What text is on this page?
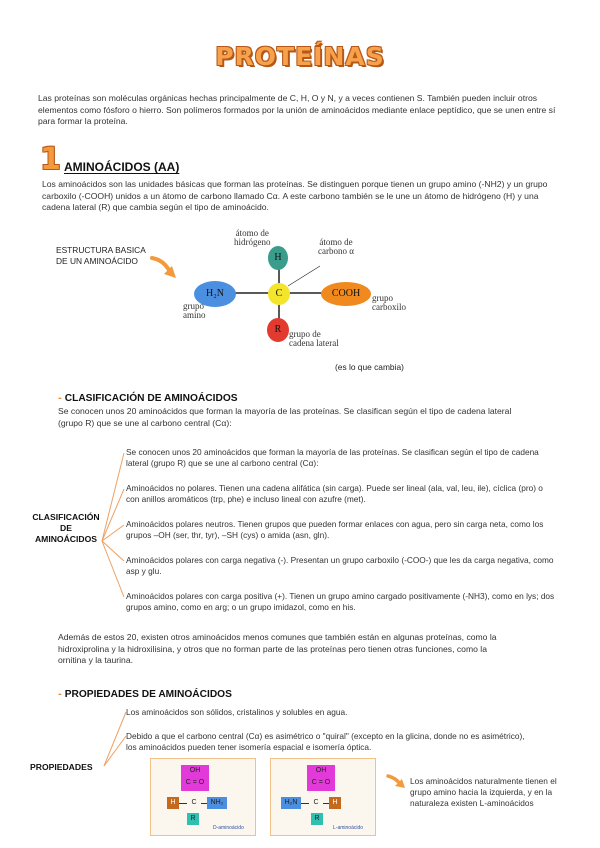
PROTEÍNAS
Las proteínas son moléculas orgánicas hechas principalmente de C, H, O y N, y a veces contienen S. También pueden incluir otros elementos como fósforo o hierro. Son polímeros formados por la unión de aminoácidos mediante enlace peptídico, que se unen entre sí para formar la proteína.
1 AMINOÁCIDOS (AA)
Los aminoácidos son las unidades básicas que forman las proteínas. Se distinguen porque tienen un grupo amino (-NH2) y un grupo carboxilo (-COOH) unidos a un átomo de carbono llamado Cα. A este carbono también se le une un átomo de hidrógeno (H) y una cadena lateral (R) que cambia según el tipo de aminoácido.
ESTRUCTURA BASICA
DE UN AMINOÁCIDO	H
C
H₂N	COOH
R
átomo de
hidrógeno	átomo de
carbono α
grupo
amino
grupo
carboxilo
grupo de
cadena lateral
(es lo que cambia)
- CLASIFICACIÓN DE AMINOÁCIDOS
Se conocen unos 20 aminoácidos que forman la mayoría de las proteínas. Se clasifican según el tipo de cadena lateral (grupo R) que se une al carbono central (Cα):
CLASIFICACIÓN
DE
AMINOÁCIDOS
Se conocen unos 20 aminoácidos que forman la mayoría de las proteínas. Se clasifican según el tipo de cadena lateral (grupo R) que se une al carbono central (Cα):
Aminoácidos no polares. Tienen una cadena alifática (sin carga). Puede ser lineal (ala, val, leu, ile), cíclica (pro) o con anillos aromáticos (trp, phe) e incluso lineal con azufre (met).
Aminoácidos polares neutros. Tienen grupos que pueden formar enlaces con agua, pero sin carga neta, como los grupos –OH (ser, thr, tyr), –SH (cys) o amida (asn, gln).
Aminoácidos polares con carga negativa (-). Presentan un grupo carboxilo (-COO-) que les da carga negativa, como asp y glu.
Aminoácidos polares con carga positiva (+). Tienen un grupo amino cargado positivamente (-NH3), como en lys; dos grupos amino, como en arg; o un grupo imidazol, como en his.
Además de estos 20, existen otros aminoácidos menos comunes que también están en algunas proteínas, como la hidroxiprolina y la hidroxilisina, y otros que no forman parte de las proteínas pero tienen otras funciones, como la ornitina y la taurina.
- PROPIEDADES DE AMINOÁCIDOS
PROPIEDADES
Los aminoácidos son sólidos, cristalinos y solubles en agua.
Debido a que el carbono central (Cα) es asimétrico o "quiral" (excepto en la glicina, donde no es asimétrico), los aminoácidos pueden tener isomería espacial e isomería óptica.
OH
C = O
H	C	NH₂
R
D-aminoácido
OH
C = O
H₂N	C	H
R
L-aminoácido
Los aminoácidos naturalmente tienen el grupo amino hacia la izquierda, y en la naturaleza existen L-aminoácidos
